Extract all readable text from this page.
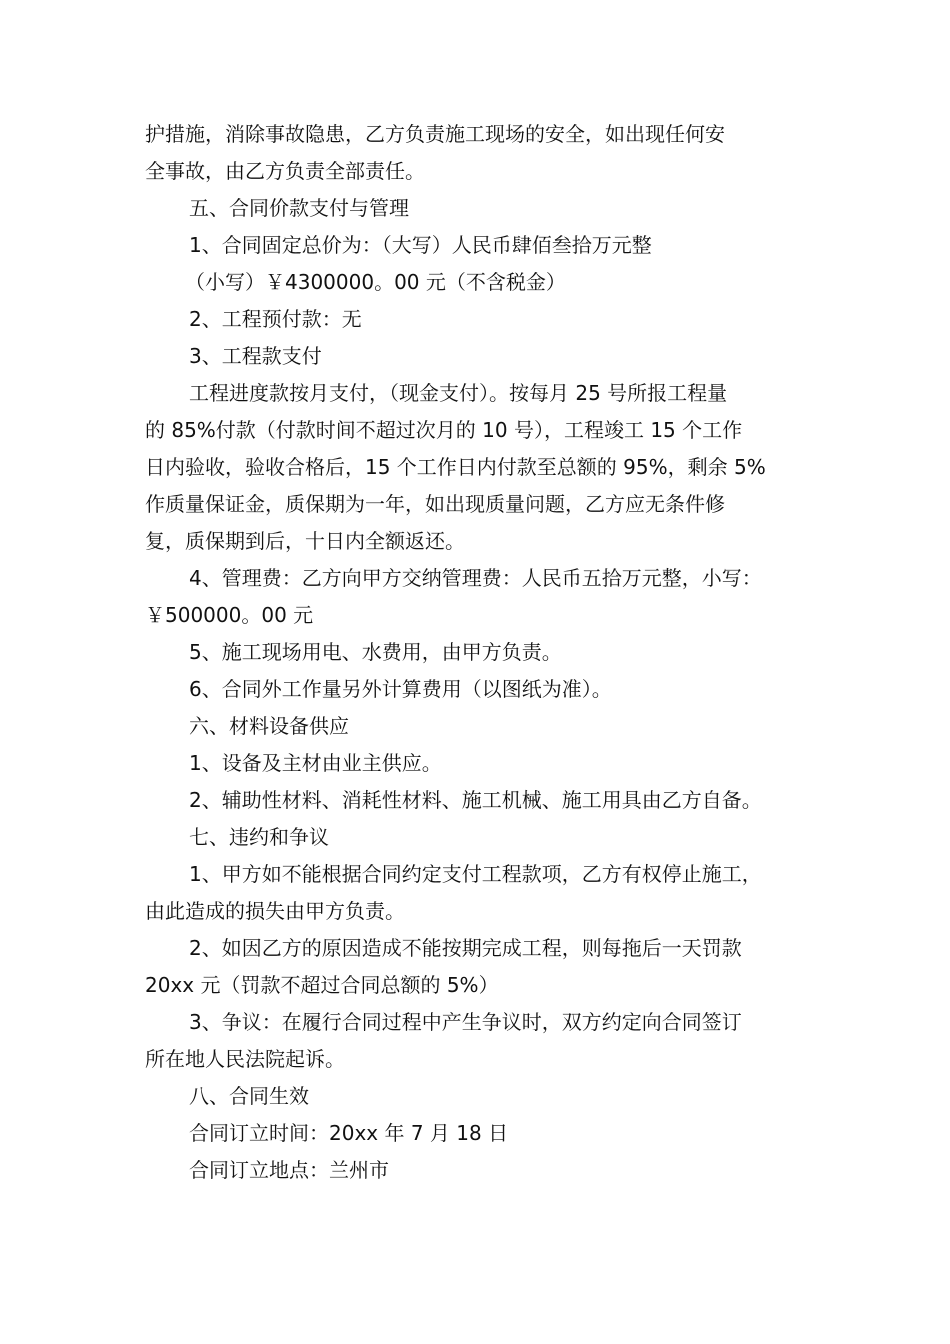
护措施，消除事故隐患，乙方负责施工现场的安全，如出现任何安
全事故，由乙方负责全部责任。
五、合同价款支付与管理
1、合同固定总价为：（大写）人民币肆佰叁拾万元整
（小写）￥4300000。00 元（不含税金）
2、工程预付款：无
3、工程款支付
工程进度款按月支付，（现金支付）。按每月 25 号所报工程量
的 85%付款（付款时间不超过次月的 10 号），工程竣工 15 个工作
日内验收，验收合格后，15 个工作日内付款至总额的 95%，剩余 5%
作质量保证金，质保期为一年，如出现质量问题，乙方应无条件修
复，质保期到后，十日内全额返还。
4、管理费：乙方向甲方交纳管理费：人民币五拾万元整，小写：
￥500000。00 元
5、施工现场用电、水费用，由甲方负责。
6、合同外工作量另外计算费用（以图纸为准）。
六、材料设备供应
1、设备及主材由业主供应。
2、辅助性材料、消耗性材料、施工机械、施工用具由乙方自备。
七、违约和争议
1、甲方如不能根据合同约定支付工程款项，乙方有权停止施工，
由此造成的损失由甲方负责。
2、如因乙方的原因造成不能按期完成工程，则每拖后一天罚款
20xx 元（罚款不超过合同总额的 5%）
3、争议：在履行合同过程中产生争议时，双方约定向合同签订
所在地人民法院起诉。
八、合同生效
合同订立时间：20xx 年 7 月 18 日
合同订立地点：兰州市
